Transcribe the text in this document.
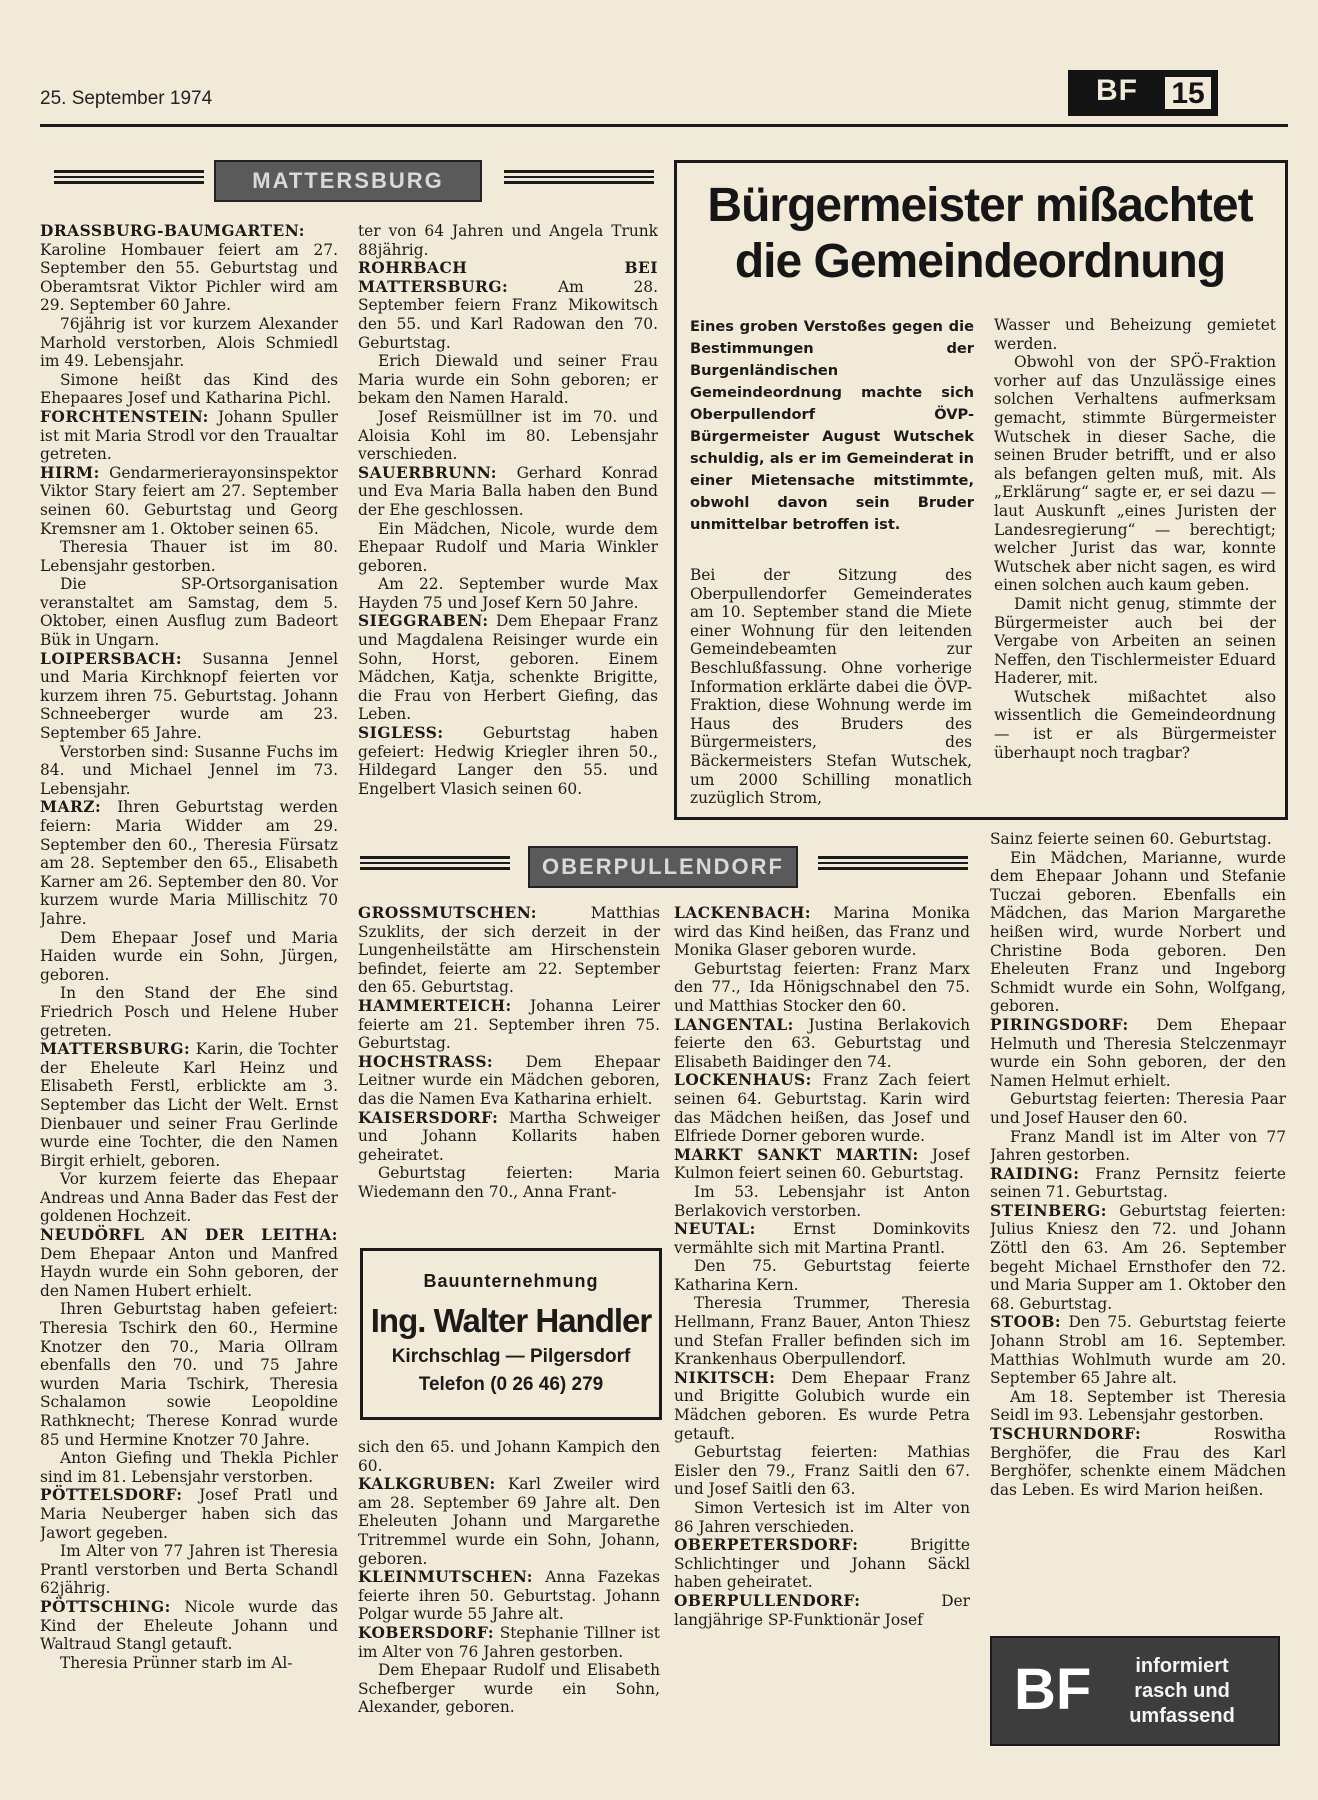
25. September 1974	BF	15
MATTERSBURG

DRASSBURG-BAUMGARTEN: Karoline Hombauer feiert am 27. September den 55. Geburtstag und Oberamtsrat Viktor Pichler wird am 29. September 60 Jahre.

76jährig ist vor kurzem Alexander Marhold verstorben, Alois Schmiedl im 49. Lebensjahr.

Simone heißt das Kind des Ehepaares Josef und Katharina Pichl.

FORCHTENSTEIN: Johann Spuller ist mit Maria Strodl vor den Traualtar getreten.

HIRM: Gendarmerierayonsinspektor Viktor Stary feiert am 27. September seinen 60. Geburtstag und Georg Kremsner am 1. Oktober seinen 65.

Theresia Thauer ist im 80. Lebensjahr gestorben.

Die SP-Ortsorganisation veranstaltet am Samstag, dem 5. Oktober, einen Ausflug zum Badeort Bük in Ungarn.

LOIPERSBACH: Susanna Jennel und Maria Kirchknopf feierten vor kurzem ihren 75. Geburtstag. Johann Schneeberger wurde am 23. September 65 Jahre.

Verstorben sind: Susanne Fuchs im 84. und Michael Jennel im 73. Lebensjahr.

MARZ: Ihren Geburtstag werden feiern: Maria Widder am 29. September den 60., Theresia Fürsatz am 28. September den 65., Elisabeth Karner am 26. September den 80. Vor kurzem wurde Maria Millischitz 70 Jahre.

Dem Ehepaar Josef und Maria Haiden wurde ein Sohn, Jürgen, geboren.

In den Stand der Ehe sind Friedrich Posch und Helene Huber getreten.

MATTERSBURG: Karin, die Tochter der Eheleute Karl Heinz und Elisabeth Ferstl, erblickte am 3. September das Licht der Welt. Ernst Dienbauer und seiner Frau Gerlinde wurde eine Tochter, die den Namen Birgit erhielt, geboren.

Vor kurzem feierte das Ehepaar Andreas und Anna Bader das Fest der goldenen Hochzeit.

NEUDÖRFL AN DER LEITHA: Dem Ehepaar Anton und Manfred Haydn wurde ein Sohn geboren, der den Namen Hubert erhielt.

Ihren Geburtstag haben gefeiert: Theresia Tschirk den 60., Hermine Knotzer den 70., Maria Ollram ebenfalls den 70. und 75 Jahre wurden Maria Tschirk, Theresia Schalamon sowie Leopoldine Rathknecht; Therese Konrad wurde 85 und Hermine Knotzer 70 Jahre.

Anton Giefing und Thekla Pichler sind im 81. Lebensjahr verstorben.

PÖTTELSDORF: Josef Pratl und Maria Neuberger haben sich das Jawort gegeben.

Im Alter von 77 Jahren ist Theresia Prantl verstorben und Berta Schandl 62jährig.

PÖTTSCHING: Nicole wurde das Kind der Eheleute Johann und Waltraud Stangl getauft.

Theresia Prünner starb im Al-

ter von 64 Jahren und Angela Trunk 88jährig.

ROHRBACH BEI MATTERSBURG:	Am 28. September feiern Franz Mikowitsch den 55. und Karl Radowan den 70. Geburtstag.

Erich Diewald und seiner Frau Maria wurde ein Sohn geboren; er bekam den Namen Harald.

Josef Reismüllner ist im 70. und Aloisia Kohl im 80. Lebensjahr verschieden.

SAUERBRUNN: Gerhard Konrad und Eva Maria Balla haben den Bund der Ehe geschlossen.

Ein Mädchen, Nicole, wurde dem Ehepaar Rudolf und Maria Winkler geboren.

Am 22. September wurde Max Hayden 75 und Josef Kern 50 Jahre.

SIEGGRABEN: Dem Ehepaar Franz und Magdalena Reisinger wurde ein Sohn, Horst, geboren. Einem Mädchen, Katja, schenkte Brigitte, die Frau von Herbert Giefing, das Leben.

SIGLESS:	Geburtstag haben gefeiert: Hedwig Kriegler ihren 50., Hildegard Langer den 55. und Engelbert Vlasich seinen 60.

Bürgermeister mißachtet die Gemeindeordnung
Eines groben Verstoßes gegen die Bestimmungen der Burgenländischen Gemeindeordnung machte sich Oberpullendorf ÖVP-Bürgermeister August Wutschek schuldig, als er im Gemeinderat in einer Mietensache mitstimmte, obwohl davon sein Bruder unmittelbar betroffen ist.

Bei der Sitzung des Oberpullendorfer Gemeinderates am 10. September stand die Miete einer Wohnung für den leitenden Gemeindebeamten zur Beschlußfassung. Ohne vorherige Information erklärte dabei die ÖVP-Fraktion, diese Wohnung werde im Haus des Bruders des Bürgermeisters, des Bäckermeisters Stefan Wutschek, um 2000 Schilling monatlich zuzüglich Strom,

Wasser und Beheizung gemietet werden.

Obwohl von der SPÖ-Fraktion vorher auf das Unzulässige eines solchen Verhaltens aufmerksam gemacht, stimmte Bürgermeister Wutschek in dieser Sache, die seinen Bruder betrifft, und er also als befangen gelten muß, mit. Als „Erklärung“ sagte er, er sei dazu — laut Auskunft „eines Juristen der Landesregierung“ — berechtigt; welcher Jurist das war, konnte Wutschek aber nicht sagen, es wird einen solchen auch kaum geben.

Damit nicht genug, stimmte der Bürgermeister auch bei der Vergabe von Arbeiten an seinen Neffen, den Tischlermeister Eduard Haderer, mit.

Wutschek mißachtet also wissentlich die Gemeindeordnung — ist er als Bürgermeister überhaupt noch tragbar?

OBERPULLENDORF

GROSSMUTSCHEN:	Matthias Szuklits, der sich derzeit in der Lungenheilstätte am Hirschenstein befindet, feierte am 22. September den 65. Geburtstag.

HAMMERTEICH: Johanna Leirer feierte am 21. September ihren 75. Geburtstag.

HOCHSTRASS: Dem Ehepaar Leitner wurde ein Mädchen geboren, das die Namen Eva Katharina erhielt.

KAISERSDORF: Martha Schweiger und Johann Kollarits haben geheiratet.

Geburtstag feierten: Maria Wiedemann den 70., Anna Frant-

Bauunternehmung
Ing. Walter Handler
Kirchschlag — Pilgersdorf
Telefon (0 26 46) 279

sich den 65. und Johann Kampich den 60.

KALKGRUBEN: Karl Zweiler wird am 28. September 69 Jahre alt. Den Eheleuten Johann und Margarethe Tritremmel wurde ein Sohn, Johann, geboren.

KLEINMUTSCHEN: Anna Fazekas feierte ihren 50. Geburtstag. Johann Polgar wurde 55 Jahre alt.

KOBERSDORF: Stephanie Tillner ist im Alter von 76 Jahren gestorben.

Dem Ehepaar Rudolf und Elisabeth Schefberger wurde ein Sohn, Alexander, geboren.

LACKENBACH: Marina Monika wird das Kind heißen, das Franz und Monika Glaser geboren wurde.

Geburtstag feierten: Franz Marx den 77., Ida Hönigschnabel den 75. und Matthias Stocker den 60.

LANGENTAL: Justina Berlakovich feierte den 63. Geburtstag und Elisabeth Baidinger den 74.

LOCKENHAUS: Franz Zach feiert seinen 64. Geburtstag. Karin wird das Mädchen heißen, das Josef und Elfriede Dorner geboren wurde.

MARKT SANKT MARTIN: Josef Kulmon feiert seinen 60. Geburtstag.

Im 53. Lebensjahr ist Anton Berlakovich verstorben.

NEUTAL: Ernst Dominkovits vermählte sich mit Martina Prantl.

Den 75. Geburtstag feierte Katharina Kern.

Theresia Trummer, Theresia Hellmann, Franz Bauer, Anton Thiesz und Stefan Fraller befinden sich im Krankenhaus Oberpullendorf.

NIKITSCH: Dem Ehepaar Franz und Brigitte Golubich wurde ein Mädchen geboren. Es wurde Petra getauft.

Geburtstag feierten: Mathias Eisler den 79., Franz Saitli den 67. und Josef Saitli den 63.

Simon Vertesich ist im Alter von 86 Jahren verschieden.

OBERPETERSDORF:	Brigitte Schlichtinger und Johann Säckl haben geheiratet.

OBERPULLENDORF:	Der langjährige SP-Funktionär Josef

Sainz feierte seinen 60. Geburtstag.

Ein Mädchen, Marianne, wurde dem Ehepaar Johann und Stefanie Tuczai geboren. Ebenfalls ein Mädchen, das Marion Margarethe heißen wird, wurde Norbert und Christine Boda geboren. Den Eheleuten Franz und Ingeborg Schmidt wurde ein Sohn, Wolfgang, geboren.

PIRINGSDORF: Dem Ehepaar Helmuth und Theresia Stelczenmayr wurde ein Sohn geboren, der den Namen Helmut erhielt.

Geburtstag feierten: Theresia Paar und Josef Hauser den 60.

Franz Mandl ist im Alter von 77 Jahren gestorben.

RAIDING: Franz Pernsitz feierte seinen 71. Geburtstag.

STEINBERG: Geburtstag feierten: Julius Kniesz den 72. und Johann Zöttl den 63. Am 26. September begeht Michael Ernsthofer den 72. und Maria Supper am 1. Oktober den 68. Geburtstag.

STOOB: Den 75. Geburtstag feierte Johann Strobl am 16. September. Matthias Wohlmuth wurde am 20. September 65 Jahre alt.

Am 18. September ist Theresia Seidl im 93. Lebensjahr gestorben.

TSCHURNDORF:	Roswitha Berghöfer, die Frau des Karl Berghöfer, schenkte einem Mädchen das Leben. Es wird Marion heißen.

BF	informiert
rasch und
umfassend
